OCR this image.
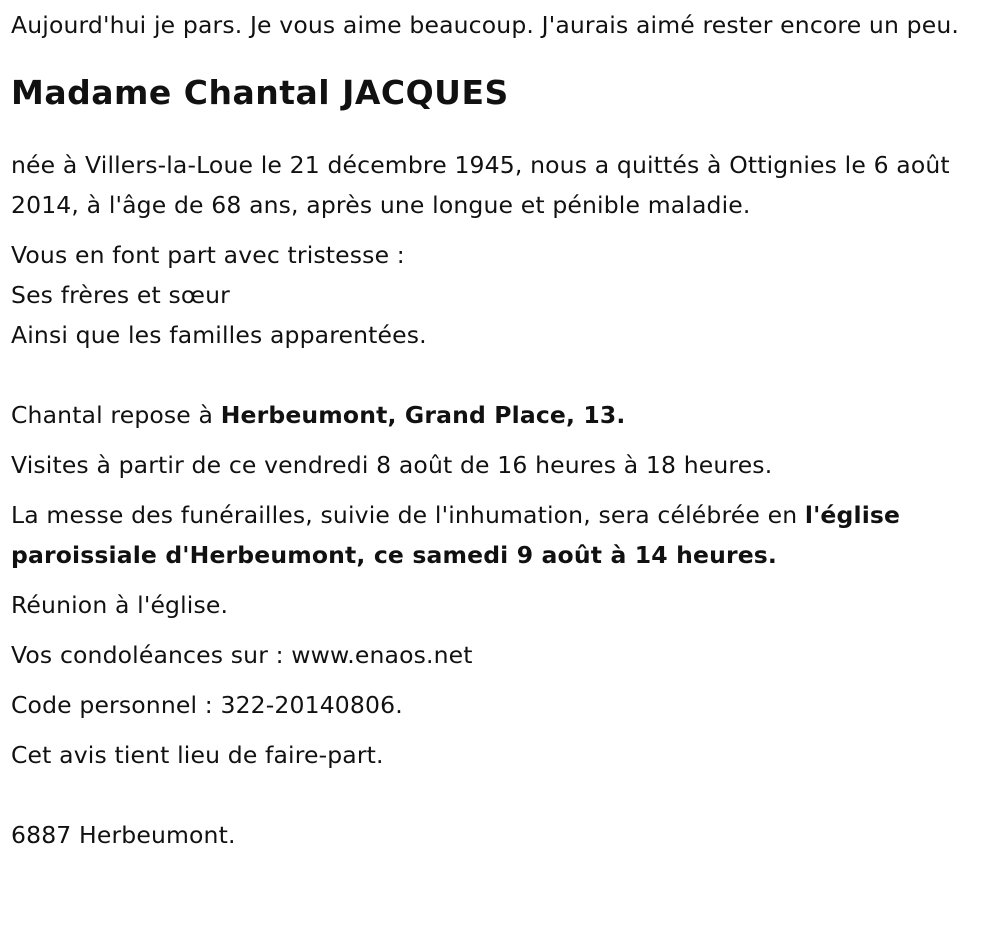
Aujourd'hui je pars. Je vous aime beaucoup. J'aurais aimé rester encore un peu.

Madame Chantal JACQUES

née à Villers-la-Loue le 21 décembre 1945, nous a quittés à Ottignies le 6 août 2014, à l'âge de 68 ans, après une longue et pénible maladie.

Vous en font part avec tristesse :

Ses frères et sœur

Ainsi que les familles apparentées.

Chantal repose à Herbeumont, Grand Place, 13.

Visites à partir de ce vendredi 8 août de 16 heures à 18 heures.

La messe des funérailles, suivie de l'inhumation, sera célébrée en l'église paroissiale d'Herbeumont, ce samedi 9 août à 14 heures.

Réunion à l'église.

Vos condoléances sur : www.enaos.net

Code personnel : 322-20140806.

Cet avis tient lieu de faire-part.

6887 Herbeumont.
